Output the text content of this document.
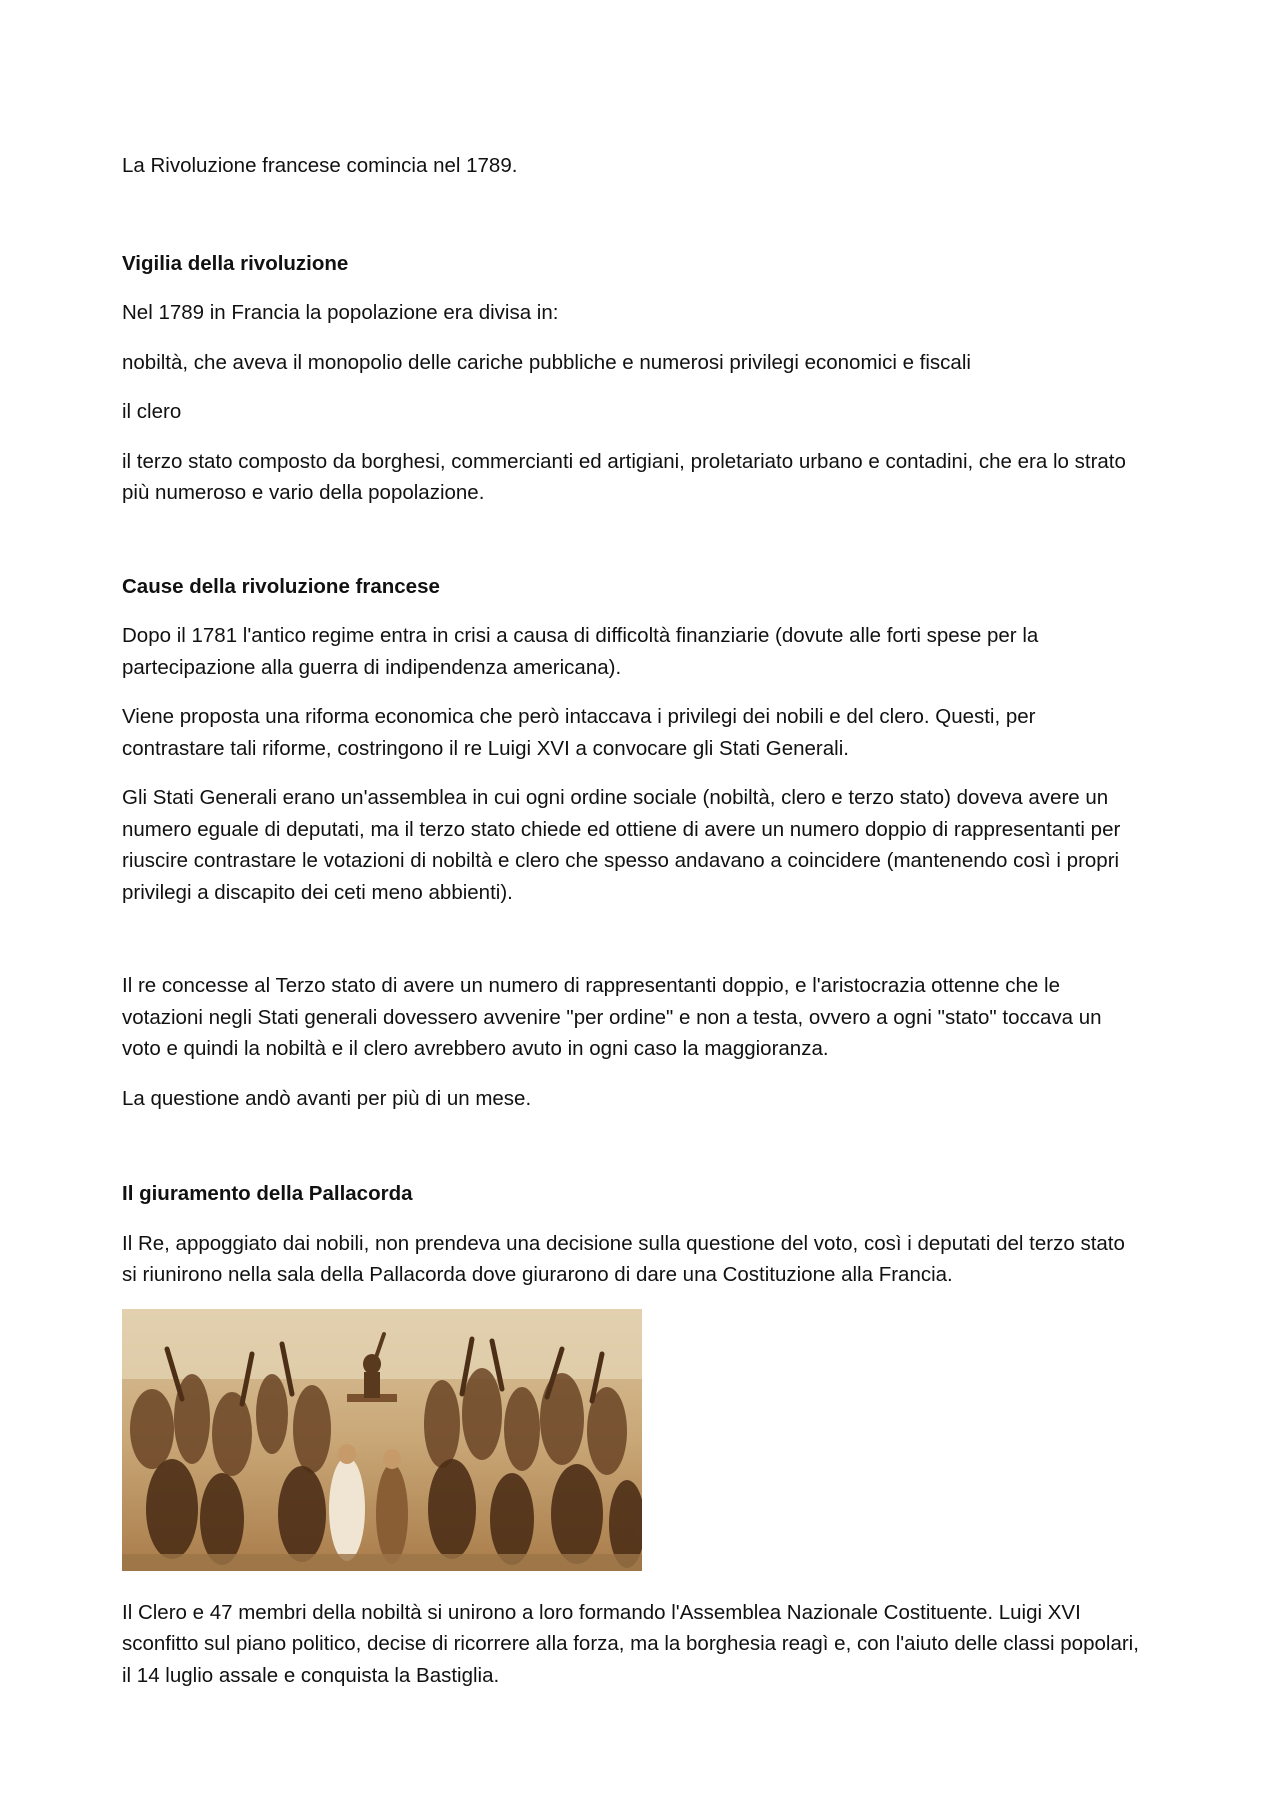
La Rivoluzione francese comincia nel 1789.

Vigilia della rivoluzione

Nel 1789 in Francia la popolazione era divisa in:

nobiltà, che aveva il monopolio delle cariche pubbliche e numerosi privilegi economici e fiscali

il clero

il terzo stato composto da borghesi, commercianti ed artigiani, proletariato urbano e contadini, che era lo strato più numeroso e vario della popolazione.

Cause della rivoluzione francese

Dopo il 1781 l'antico regime entra in crisi a causa di difficoltà finanziarie (dovute alle forti spese per la partecipazione alla guerra di indipendenza americana).

Viene proposta una riforma economica che però intaccava i privilegi dei nobili e del clero. Questi, per contrastare tali riforme, costringono il re Luigi XVI a convocare gli Stati Generali.

Gli Stati Generali erano un'assemblea in cui ogni ordine sociale (nobiltà, clero e terzo stato) doveva avere un numero eguale di deputati, ma il terzo stato chiede ed ottiene di avere un numero doppio di rappresentanti per riuscire contrastare le votazioni di nobiltà e clero che spesso andavano a coincidere (mantenendo così i propri privilegi a discapito dei ceti meno abbienti).

Il re concesse al Terzo stato di avere un numero di rappresentanti doppio, e l'aristocrazia ottenne che le votazioni negli Stati generali dovessero avvenire "per ordine" e non a testa, ovvero a ogni "stato" toccava un voto e quindi la nobiltà e il clero avrebbero avuto in ogni caso la maggioranza.

La questione andò avanti per più di un mese.

Il giuramento della Pallacorda

Il Re, appoggiato dai nobili, non prendeva una decisione sulla questione del voto, così i deputati del terzo stato si riunirono nella sala della Pallacorda dove giurarono di dare una Costituzione alla Francia.

Il Clero e 47 membri della nobiltà si unirono a loro formando l'Assemblea Nazionale Costituente. Luigi XVI sconfitto sul piano politico, decise di ricorrere alla forza, ma la borghesia reagì e, con l'aiuto delle classi popolari, il 14 luglio assale e conquista la Bastiglia.
